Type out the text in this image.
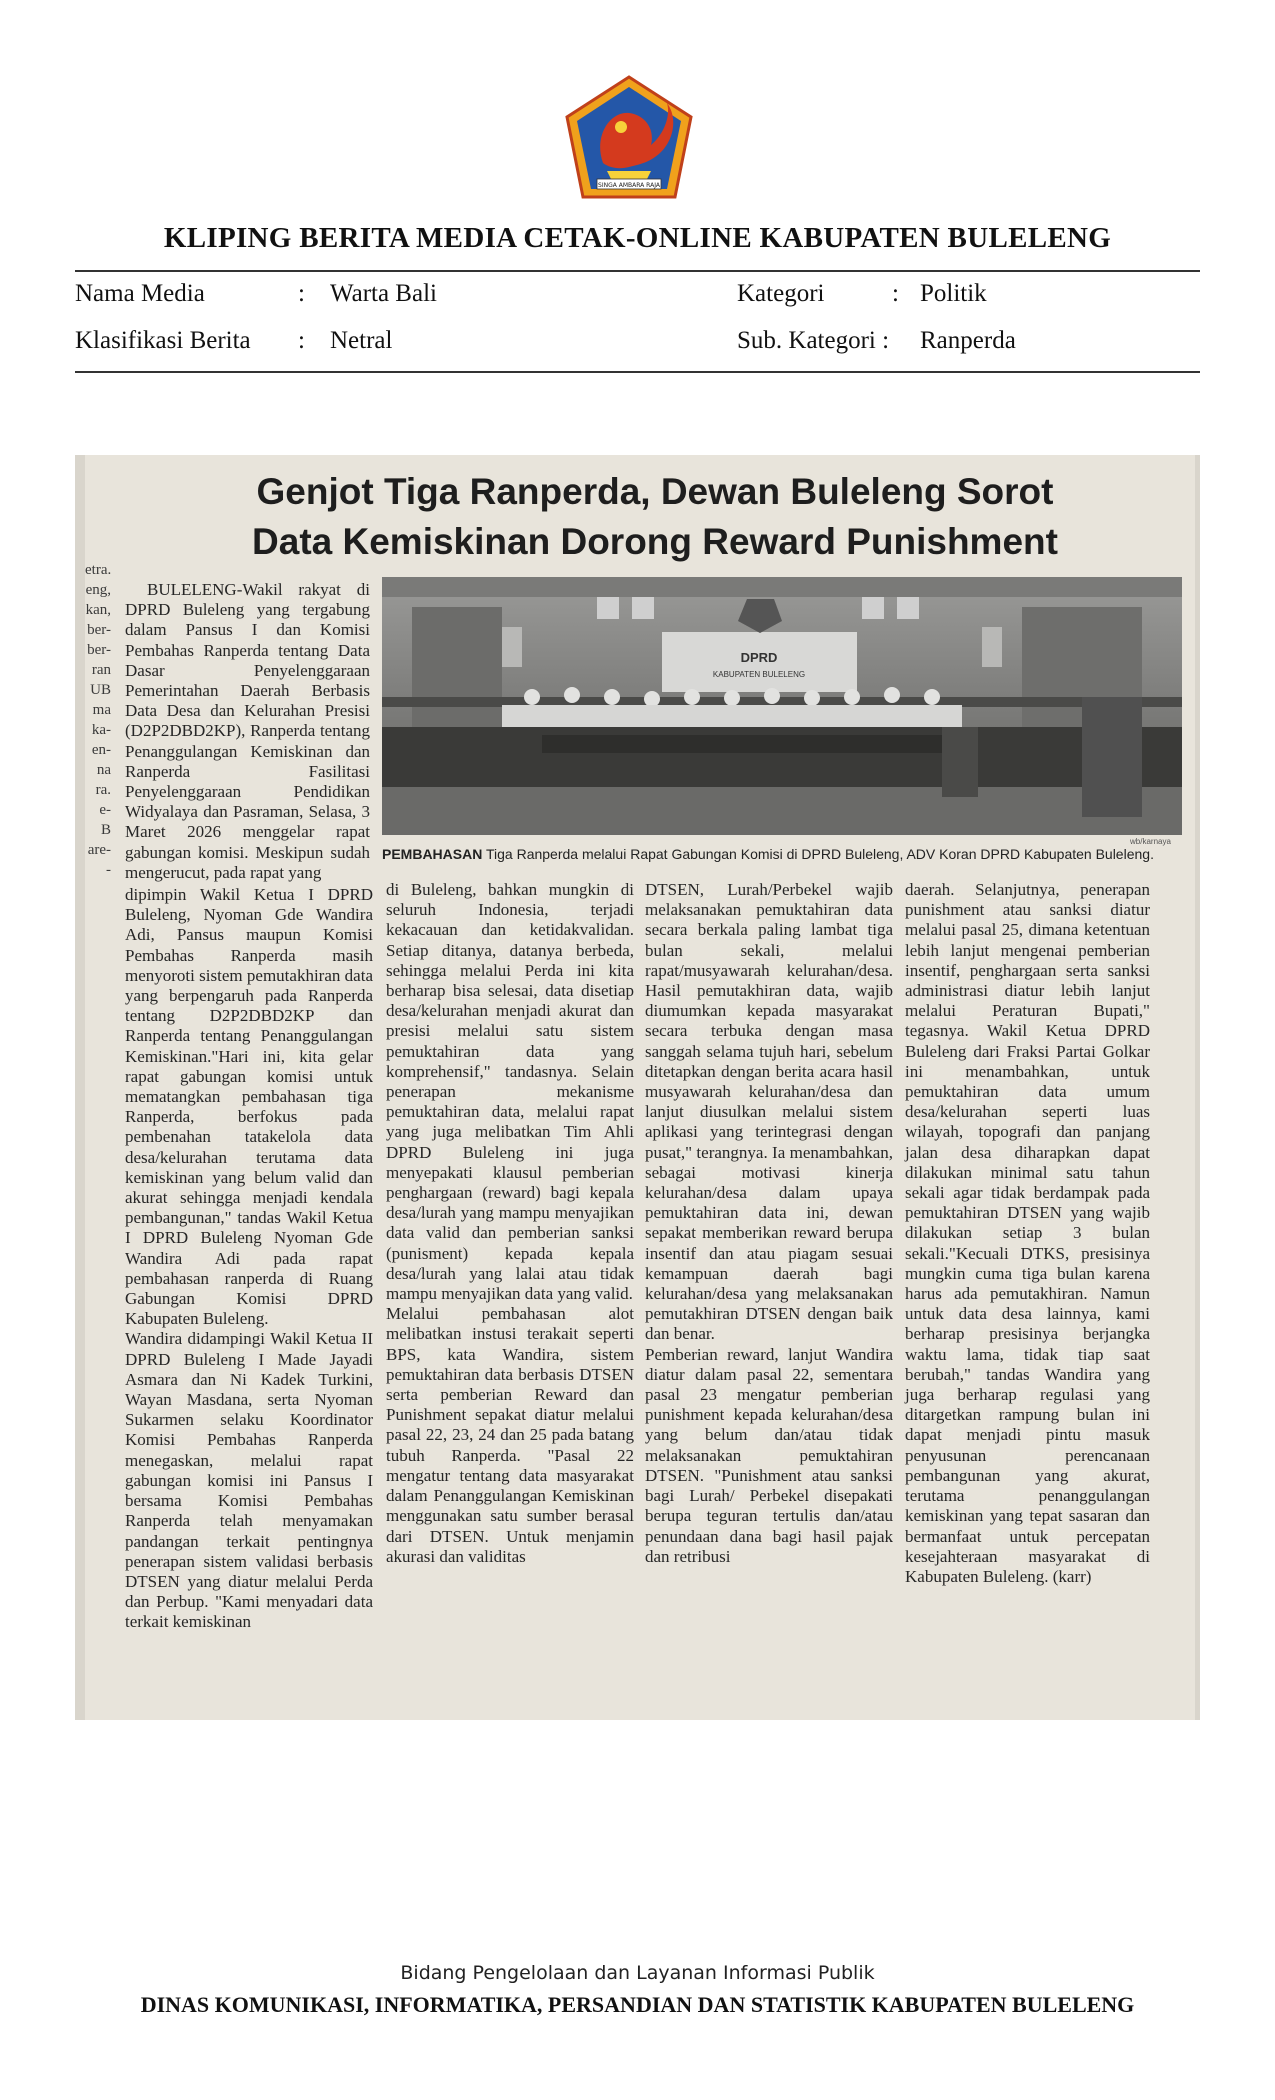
SINGA AMBARA RAJA
KLIPING BERITA MEDIA CETAK-ONLINE KABUPATEN BULELENG
Nama Media	: Warta Bali	Kategori	: Politik
Klasifikasi Berita : Netral	Sub. Kategori : Ranperda
etra.
eng,
kan,
ber-
ber-
ran
UB
ma
ka-
en-
na
ra.
e-
B
are-
-
Genjot Tiga Ranperda, Dewan Buleleng Sorot
Data Kemiskinan Dorong Reward Punishment
DPRD
KABUPATEN BULELENG
wb/karnaya
PEMBAHASAN Tiga Ranperda melalui Rapat Gabungan Komisi di DPRD Buleleng, ADV Koran DPRD Kabupaten Buleleng.
BULELENG-Wakil rakyat di DPRD Buleleng yang tergabung dalam Pansus I dan Komisi Pembahas Ranperda tentang Data Dasar Penyelenggaraan Pemerintahan Daerah Berbasis Data Desa dan Kelurahan Presisi (D2P2DBD2KP), Ranperda tentang Penanggulangan Kemiskinan dan Ranperda Fasilitasi Penyelenggaraan Pendidikan Widyalaya dan Pasraman, Selasa, 3 Maret 2026 menggelar rapat gabungan komisi. Meskipun sudah mengerucut, pada rapat yang
dipimpin Wakil Ketua I DPRD Buleleng, Nyoman Gde Wandira Adi, Pansus maupun Komisi Pembahas Ranperda masih menyoroti sistem pemutakhiran data yang berpengaruh pada Ranperda tentang D2P2DBD2KP dan Ranperda tentang Penanggulangan Kemiskinan."Hari ini, kita gelar rapat gabungan komisi untuk mematangkan pembahasan tiga Ranperda, berfokus pada pembenahan tatakelola data desa/kelurahan terutama data kemiskinan yang belum valid dan akurat sehingga menjadi kendala pembangunan," tandas Wakil Ketua I DPRD Buleleng Nyoman Gde Wandira Adi pada rapat pembahasan ranperda di Ruang Gabungan Komisi DPRD Kabupaten Buleleng.
Wandira didampingi Wakil Ketua II DPRD Buleleng I Made Jayadi Asmara dan Ni Kadek Turkini, Wayan Masdana, serta Nyoman Sukarmen selaku Koordinator Komisi Pembahas Ranperda menegaskan, melalui rapat gabungan komisi ini Pansus I bersama Komisi Pembahas Ranperda telah menyamakan pandangan terkait pentingnya penerapan sistem validasi berbasis DTSEN yang diatur melalui Perda dan Perbup. "Kami menyadari data terkait kemiskinan
di Buleleng, bahkan mungkin di seluruh Indonesia, terjadi kekacauan dan ketidakvalidan. Setiap ditanya, datanya berbeda, sehingga melalui Perda ini kita berharap bisa selesai, data disetiap desa/kelurahan menjadi akurat dan presisi melalui satu sistem pemuktahiran data yang komprehensif," tandasnya. Selain penerapan mekanisme pemuktahiran data, melalui rapat yang juga melibatkan Tim Ahli DPRD Buleleng ini juga menyepakati klausul pemberian penghargaan (reward) bagi kepala desa/lurah yang mampu menyajikan data valid dan pemberian sanksi (punisment) kepada kepala desa/lurah yang lalai atau tidak mampu menyajikan data yang valid.
Melalui pembahasan alot melibatkan instusi terakait seperti BPS, kata Wandira, sistem pemuktahiran data berbasis DTSEN serta pemberian Reward dan Punishment sepakat diatur melalui pasal 22, 23, 24 dan 25 pada batang tubuh Ranperda. "Pasal 22 mengatur tentang data masyarakat dalam Penanggulangan Kemiskinan menggunakan satu sumber berasal dari DTSEN. Untuk menjamin akurasi dan validitas
DTSEN, Lurah/Perbekel wajib melaksanakan pemuktahiran data secara berkala paling lambat tiga bulan sekali, melalui rapat/musyawarah kelurahan/desa. Hasil pemutakhiran data, wajib diumumkan kepada masyarakat secara terbuka dengan masa sanggah selama tujuh hari, sebelum ditetapkan dengan berita acara hasil musyawarah kelurahan/desa dan lanjut diusulkan melalui sistem aplikasi yang terintegrasi dengan pusat," terangnya. Ia menambahkan, sebagai motivasi kinerja kelurahan/desa dalam upaya pemuktahiran data ini, dewan sepakat memberikan reward berupa insentif dan atau piagam sesuai kemampuan daerah bagi kelurahan/desa yang melaksanakan pemutakhiran DTSEN dengan baik dan benar.
Pemberian reward, lanjut Wandira diatur dalam pasal 22, sementara pasal 23 mengatur pemberian punishment kepada kelurahan/desa yang belum dan/atau tidak melaksanakan pemuktahiran DTSEN. "Punishment atau sanksi bagi Lurah/ Perbekel disepakati berupa teguran tertulis dan/atau penundaan dana bagi hasil pajak dan retribusi
daerah. Selanjutnya, penerapan punishment atau sanksi diatur melalui pasal 25, dimana ketentuan lebih lanjut mengenai pemberian insentif, penghargaan serta sanksi administrasi diatur lebih lanjut melalui Peraturan Bupati," tegasnya. Wakil Ketua DPRD Buleleng dari Fraksi Partai Golkar ini menambahkan, untuk pemuktahiran data umum desa/kelurahan seperti luas wilayah, topografi dan panjang jalan desa diharapkan dapat dilakukan minimal satu tahun sekali agar tidak berdampak pada pemuktahiran DTSEN yang wajib dilakukan setiap 3 bulan sekali."Kecuali DTKS, presisinya mungkin cuma tiga bulan karena harus ada pemutakhiran. Namun untuk data desa lainnya, kami berharap presisinya berjangka waktu lama, tidak tiap saat berubah," tandas Wandira yang juga berharap regulasi yang ditargetkan rampung bulan ini dapat menjadi pintu masuk penyusunan perencanaan pembangunan yang akurat, terutama penanggulangan kemiskinan yang tepat sasaran dan bermanfaat untuk percepatan kesejahteraan masyarakat di Kabupaten Buleleng. (karr)
Bidang Pengelolaan dan Layanan Informasi Publik
DINAS KOMUNIKASI, INFORMATIKA, PERSANDIAN DAN STATISTIK KABUPATEN BULELENG
